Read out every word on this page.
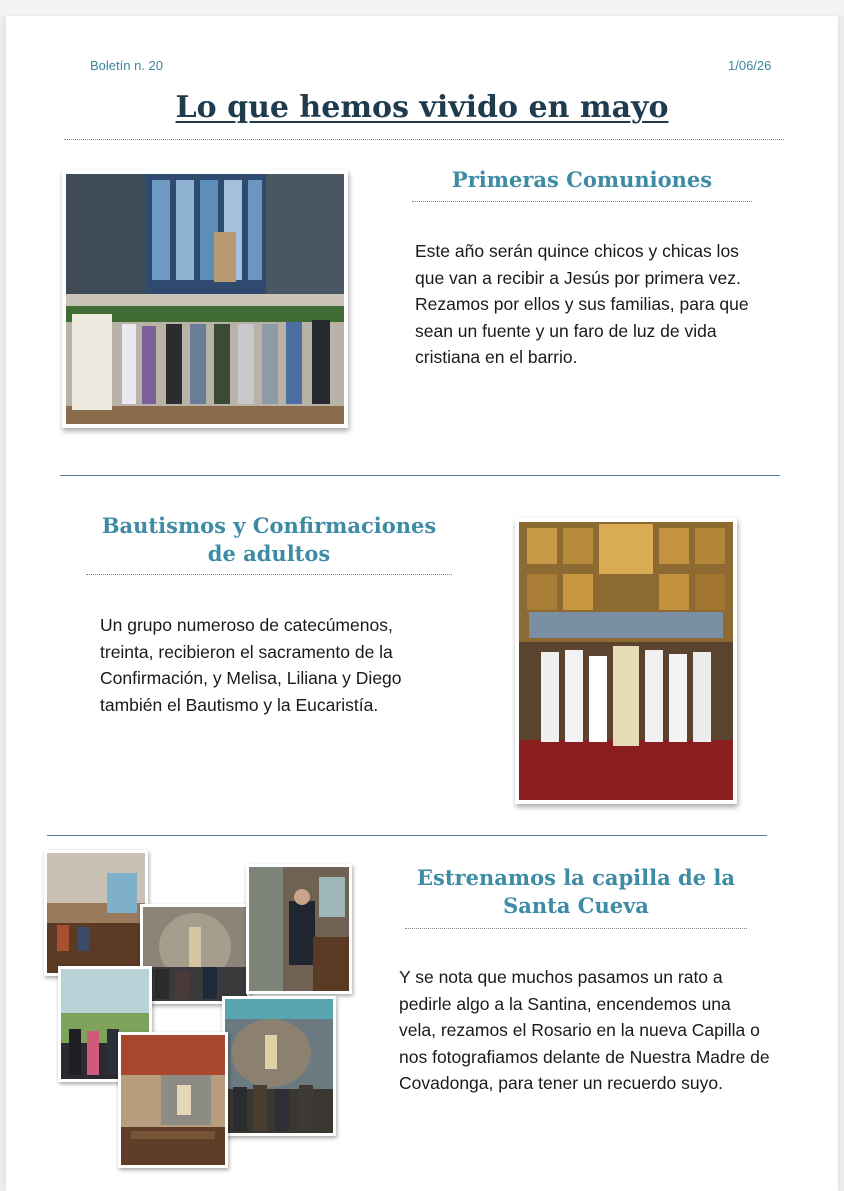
Boletín n. 20	1/06/26
Lo que hemos vivido en mayo
Primeras Comuniones
Este año serán quince chicos y chicas los que van a recibir a Jesús por primera vez. Rezamos por ellos y sus familias, para que sean un fuente y un faro de luz de vida cristiana en el barrio.
Bautismos y Confirmaciones de adultos
Un grupo numeroso de catecúmenos, treinta, recibieron el sacramento de la Confirmación, y Melisa, Liliana y Diego también el Bautismo y la Eucaristía.
Estrenamos la capilla de la Santa Cueva
Y se nota que muchos pasamos un rato a pedirle algo a la Santina, encendemos una vela, rezamos el Rosario en la nueva Capilla o nos fotografiamos delante de Nuestra Madre de Covadonga, para tener un recuerdo suyo.
